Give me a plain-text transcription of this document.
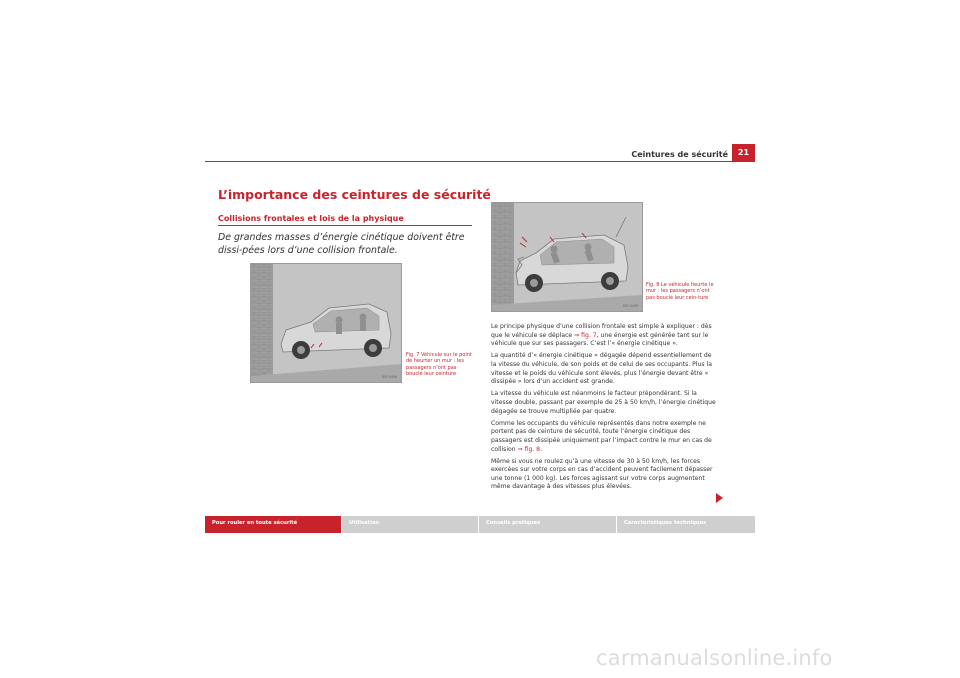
Ceintures de sécurité	21
L’importance des ceintures de sécurité
Collisions frontales et lois de la physique
De grandes masses d’énergie cinétique doivent être dissi-pées lors d’une collision frontale.
B5F-0496
Fig. 7 Véhicule sur le point de heurter un mur : les passagers n’ont pas bouclé leur ceinture
B5F-0499
Fig. 8 Le véhicule heurte le mur : les passagers n’ont pas bouclé leur cein-ture

Le principe physique d’une collision frontale est simple à expliquer : dès que le véhicule se déplace ⇒ fig. 7, une énergie est générée tant sur le véhicule que sur ses passagers. C’est l’« énergie cinétique ».

La quantité d’« énergie cinétique » dégagée dépend essentiellement de la vitesse du véhicule, de son poids et de celui de ses occupants. Plus la vitesse et le poids du véhicule sont élevés, plus l’énergie devant être « dissipée » lors d’un accident est grande.

La vitesse du véhicule est néanmoins le facteur prépondérant. Si la vitesse double, passant par exemple de 25 à 50 km/h, l’énergie cinétique dégagée se trouve multipliée par quatre.

Comme les occupants du véhicule représentés dans notre exemple ne portent pas de ceinture de sécurité, toute l’énergie cinétique des passagers est dissipée uniquement par l’impact contre le mur en cas de collision ⇒ fig. 8.

Même si vous ne roulez qu’à une vitesse de 30 à 50 km/h, les forces exercées sur votre corps en cas d’accident peuvent facilement dépasser une tonne (1 000 kg). Les forces agissant sur votre corps augmentent même davantage à des vitesses plus élevées.

Pour rouler en toute sécurité	Utilisation	Conseils pratiques	Caractéristiques techniques
carmanualsonline.info
